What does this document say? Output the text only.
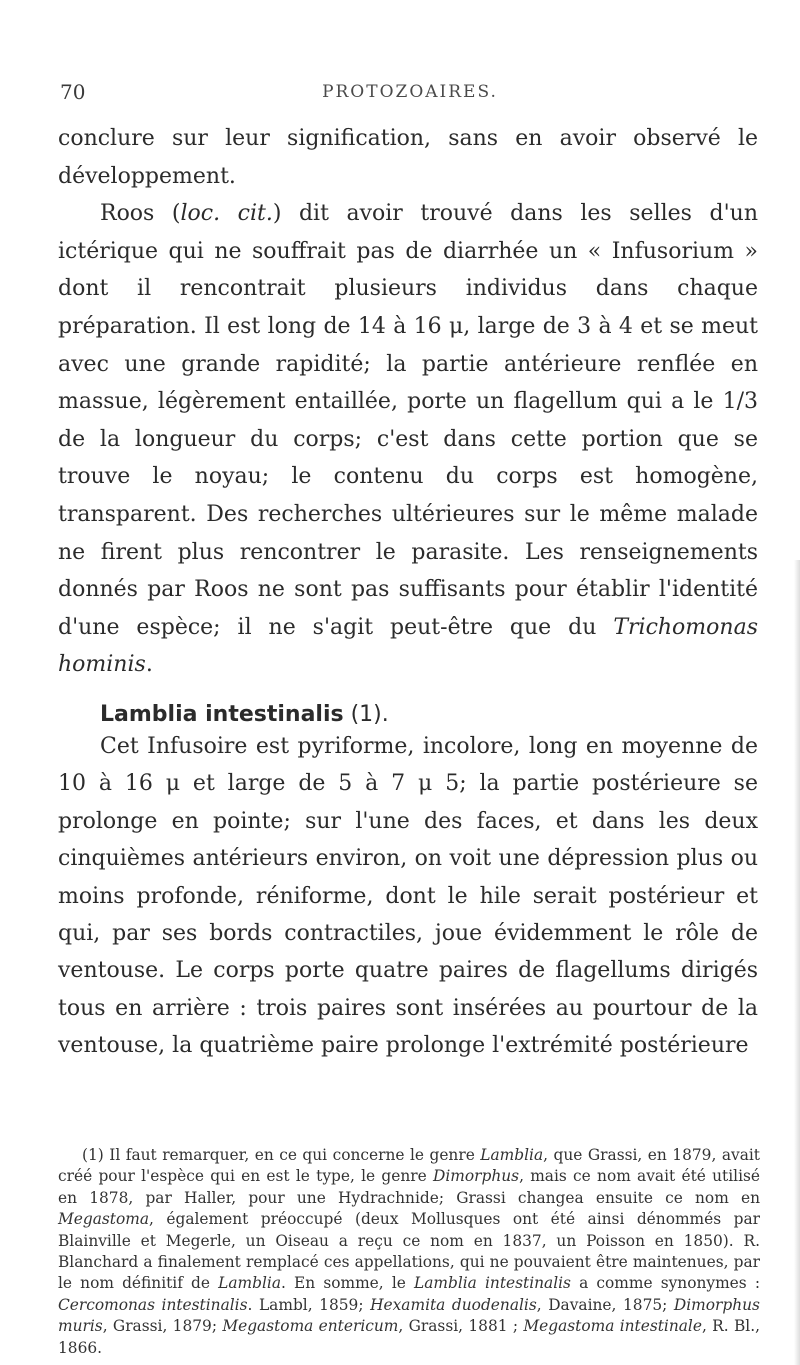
70	PROTOZOAIRES.

conclure sur leur signification, sans en avoir observé le développement.

Roos (loc. cit.) dit avoir trouvé dans les selles d'un ictérique qui ne souffrait pas de diarrhée un « Infusorium » dont il rencontrait plusieurs individus dans chaque préparation. Il est long de 14 à 16 μ, large de 3 à 4 et se meut avec une grande rapidité; la partie antérieure renflée en massue, légèrement entaillée, porte un flagellum qui a le 1/3 de la longueur du corps; c'est dans cette portion que se trouve le noyau; le contenu du corps est homogène, transparent. Des recherches ultérieures sur le même malade ne firent plus rencontrer le parasite. Les renseignements donnés par Roos ne sont pas suffisants pour établir l'identité d'une espèce; il ne s'agit peut-être que du Trichomonas hominis.

Lamblia intestinalis (1).

Cet Infusoire est pyriforme, incolore, long en moyenne de 10 à 16 μ et large de 5 à 7 μ 5; la partie postérieure se prolonge en pointe; sur l'une des faces, et dans les deux cinquièmes antérieurs environ, on voit une dépression plus ou moins profonde, réniforme, dont le hile serait postérieur et qui, par ses bords contractiles, joue évidemment le rôle de ventouse. Le corps porte quatre paires de flagellums dirigés tous en arrière : trois paires sont insérées au pourtour de la ventouse, la quatrième paire prolonge l'extrémité postérieure

(1) Il faut remarquer, en ce qui concerne le genre Lamblia, que Grassi, en 1879, avait créé pour l'espèce qui en est le type, le genre Dimorphus, mais ce nom avait été utilisé en 1878, par Haller, pour une Hydrachnide; Grassi changea ensuite ce nom en Megastoma, également préoccupé (deux Mollusques ont été ainsi dénommés par Blainville et Megerle, un Oiseau a reçu ce nom en 1837, un Poisson en 1850). R. Blanchard a finalement remplacé ces appellations, qui ne pouvaient être maintenues, par le nom définitif de Lamblia. En somme, le Lamblia intestinalis a comme synonymes : Cercomonas intestinalis. Lambl, 1859; Hexamita duodenalis, Davaine, 1875; Dimorphus muris, Grassi, 1879; Megastoma entericum, Grassi, 1881 ; Megastoma intestinale, R. Bl., 1866.
